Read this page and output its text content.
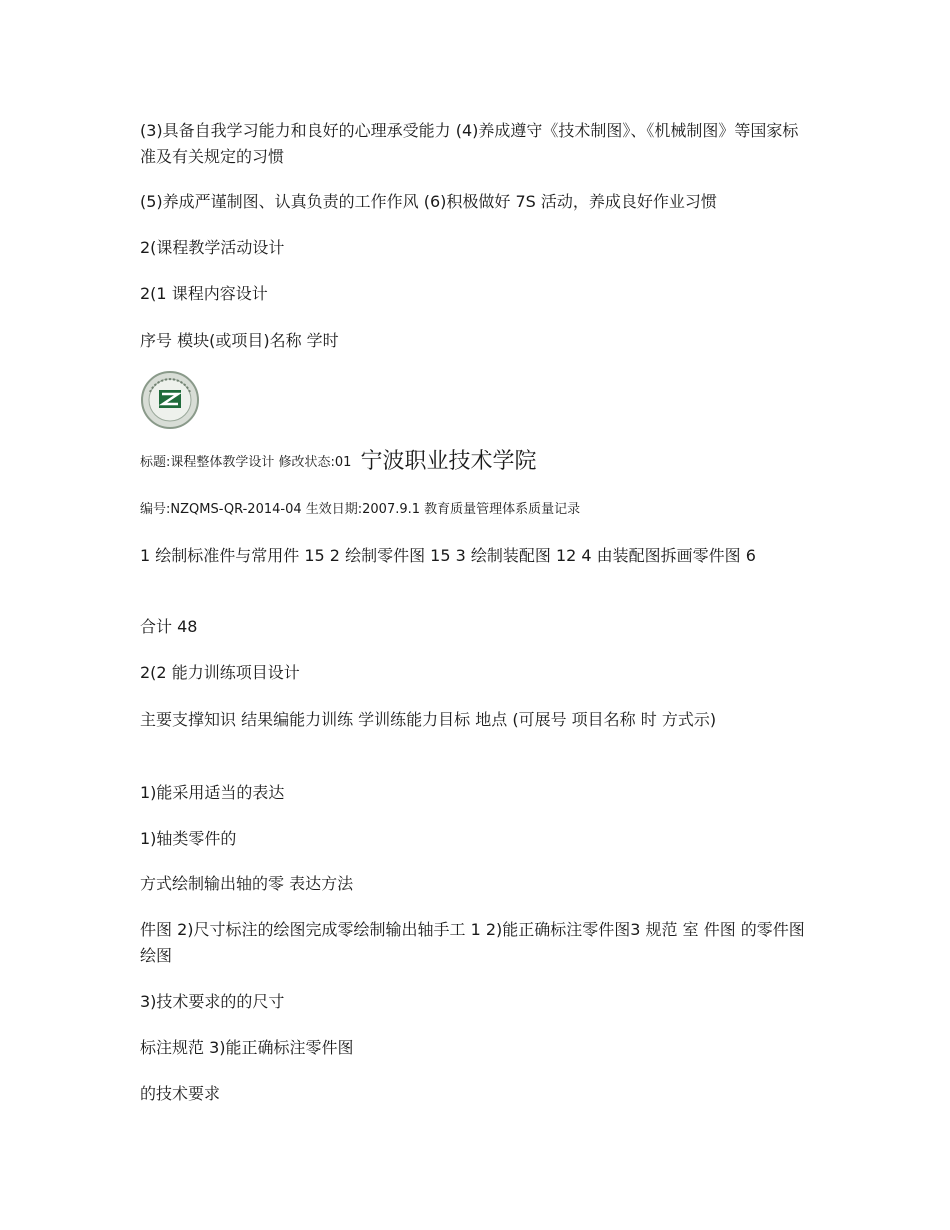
(3)具备自我学习能力和良好的心理承受能力 (4)养成遵守《技术制图》、《机械制图》等国家标准及有关规定的习惯

(5)养成严谨制图、认真负责的工作作风 (6)积极做好 7S 活动，养成良好作业习惯

2(课程教学活动设计

2(1 课程内容设计

序号 模块(或项目)名称 学时

标题:课程整体教学设计 修改状态:01 宁波职业技术学院

编号:NZQMS-QR-2014-04 生效日期:2007.9.1 教育质量管理体系质量记录

1 绘制标准件与常用件 15 2 绘制零件图 15 3 绘制装配图 12 4 由装配图拆画零件图 6

合计 48

2(2 能力训练项目设计

主要支撑知识 结果编能力训练 学训练能力目标 地点 (可展号 项目名称 时 方式示)

1)能采用适当的表达

1)轴类零件的

方式绘制输出轴的零 表达方法

件图 2)尺寸标注的绘图完成零绘制输出轴手工 1 2)能正确标注零件图3 规范 室 件图 的零件图 绘图

3)技术要求的的尺寸

标注规范 3)能正确标注零件图

的技术要求
